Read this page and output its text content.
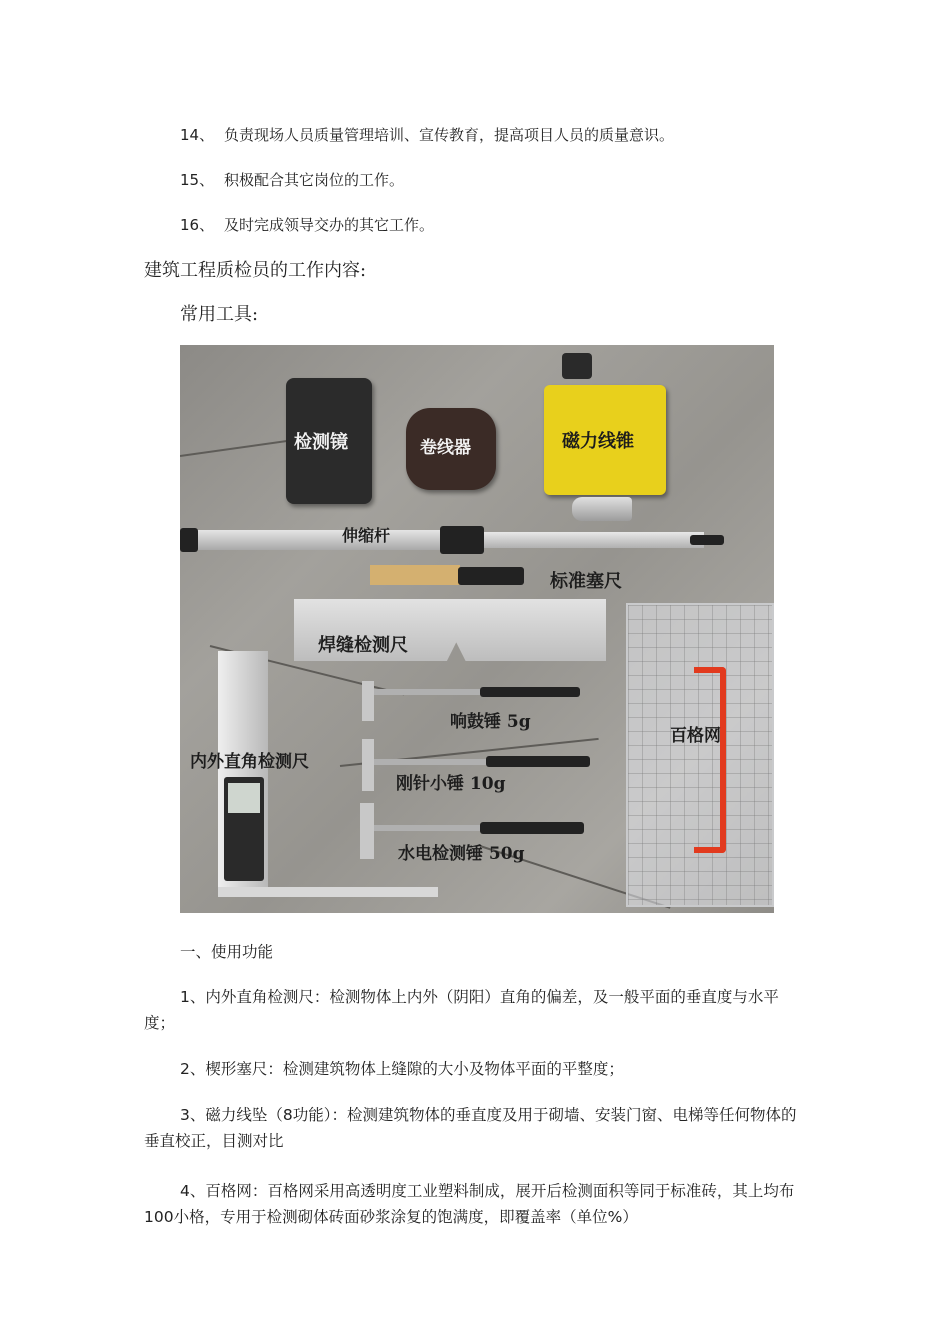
14、 负责现场人员质量管理培训、宣传教育，提高项目人员的质量意识。
15、 积极配合其它岗位的工作。
16、 及时完成领导交办的其它工作。
建筑工程质检员的工作内容:
常用工具:
检测镜	卷线器	磁力线锥
伸缩杆
标准塞尺
焊缝检测尺
内外直角检测尺
响鼓锤 5g
刚针小锤 10g
水电检测锤 50g
百格网
一、使用功能
1、内外直角检测尺：检测物体上内外（阴阳）直角的偏差，及一般平面的垂直度与水平度；
2、楔形塞尺：检测建筑物体上缝隙的大小及物体平面的平整度；
3、磁力线坠（8功能）：检测建筑物体的垂直度及用于砌墙、安装门窗、电梯等任何物体的垂直校正，目测对比
4、百格网：百格网采用高透明度工业塑料制成，展开后检测面积等同于标准砖，其上均布100小格，专用于检测砌体砖面砂浆涂复的饱满度，即覆盖率（单位%）
